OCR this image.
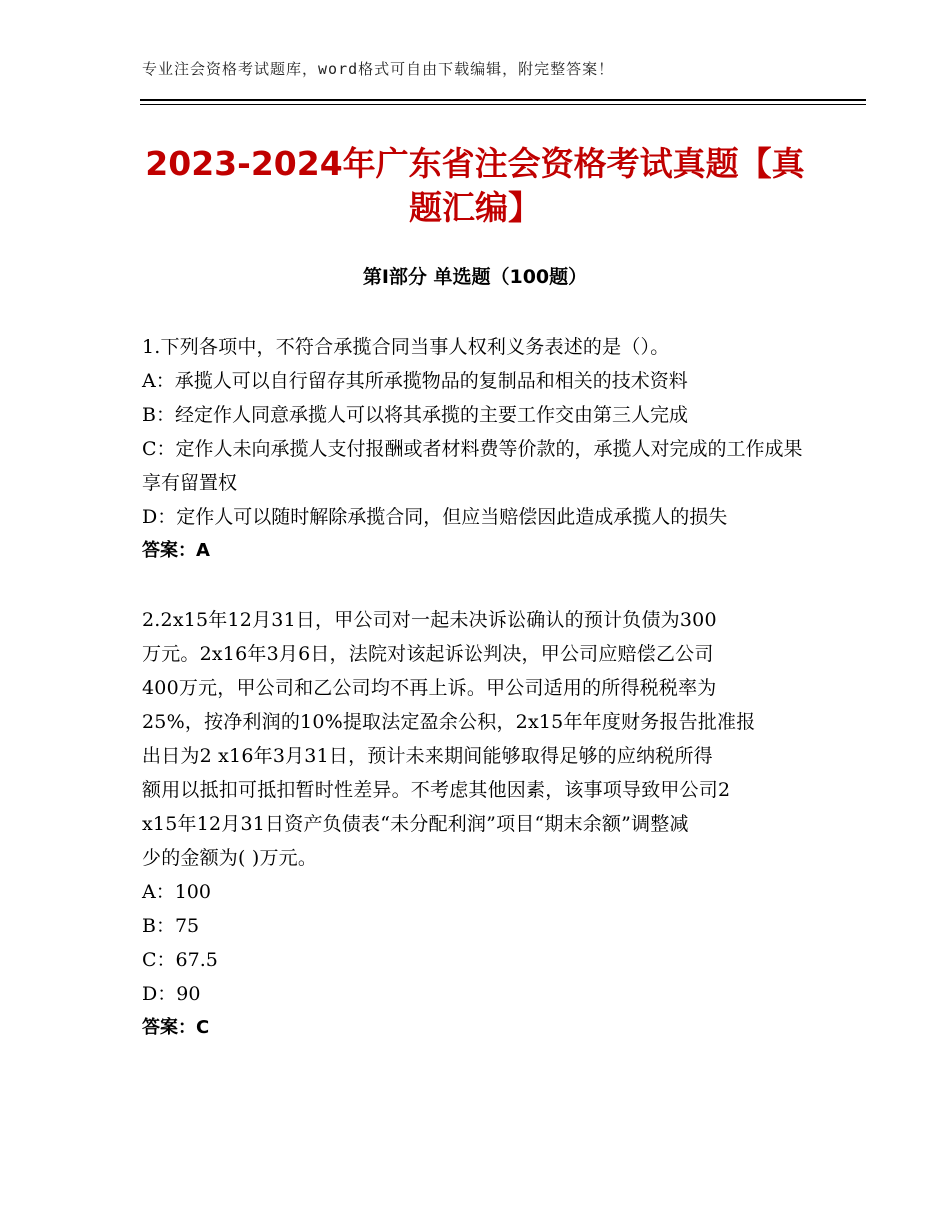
专业注会资格考试题库，word格式可自由下载编辑，附完整答案！
2023-2024年广东省注会资格考试真题【真题汇编】
第Ⅰ部分 单选题（100题）

1.下列各项中，不符合承揽合同当事人权利义务表述的是（）。

A：承揽人可以自行留存其所承揽物品的复制品和相关的技术资料

B：经定作人同意承揽人可以将其承揽的主要工作交由第三人完成

C：定作人未向承揽人支付报酬或者材料费等价款的，承揽人对完成的工作成果享有留置权

D：定作人可以随时解除承揽合同，但应当赔偿因此造成承揽人的损失

答案：A

2.2x15年12月31日，甲公司对一起未决诉讼确认的预计负债为300

万元。2x16年3月6日，法院对该起诉讼判决，甲公司应赔偿乙公司

400万元，甲公司和乙公司均不再上诉。甲公司适用的所得税税率为

25%，按净利润的10%提取法定盈余公积，2x15年年度财务报告批准报

出日为2 x16年3月31日，预计未来期间能够取得足够的应纳税所得

额用以抵扣可抵扣暂时性差异。不考虑其他因素，该事项导致甲公司2

x15年12月31日资产负债表“未分配利润”项目“期末余额”调整减

少的金额为( )万元。

A：100

B：75

C：67.5

D：90

答案：C
